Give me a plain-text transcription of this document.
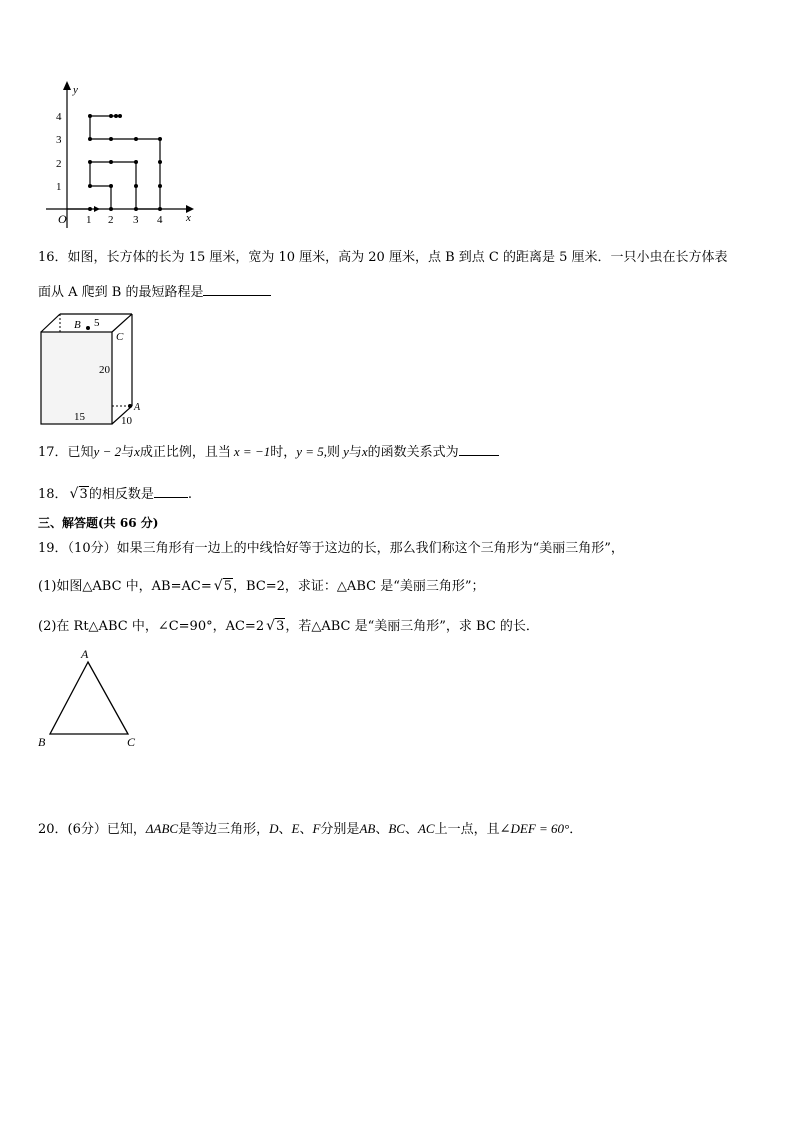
y
x
O 1 2 3 4
1
2
3
4
16．如图，长方体的长为 15 厘米，宽为 10 厘米，高为 20 厘米，点 B 到点 C 的距离是 5 厘米．一只小虫在长方体表
面从 A 爬到 B 的最短路程是
B 5
C
20
15
A
10
17．已知y − 2与x成正比例，且当 x = −1时，y = 5,则 y与x的函数关系式为
18． √ 3的相反数是	.
三、解答题(共 66 分)
19．（10分）如果三角形有一边上的中线恰好等于这边的长，那么我们称这个三角形为“美丽三角形”，
(1)如图△ABC 中，AB=AC= √ 5，BC=2，求证：△ABC 是“美丽三角形”；
(2)在 Rt△ABC 中，∠C=90°，AC=2 √ 3，若△ABC 是“美丽三角形”，求 BC 的长．
A
B	C
20．(6分）已知，ΔABC是等边三角形，D、E、F分别是AB、BC、AC上一点，且∠DEF = 60°．
